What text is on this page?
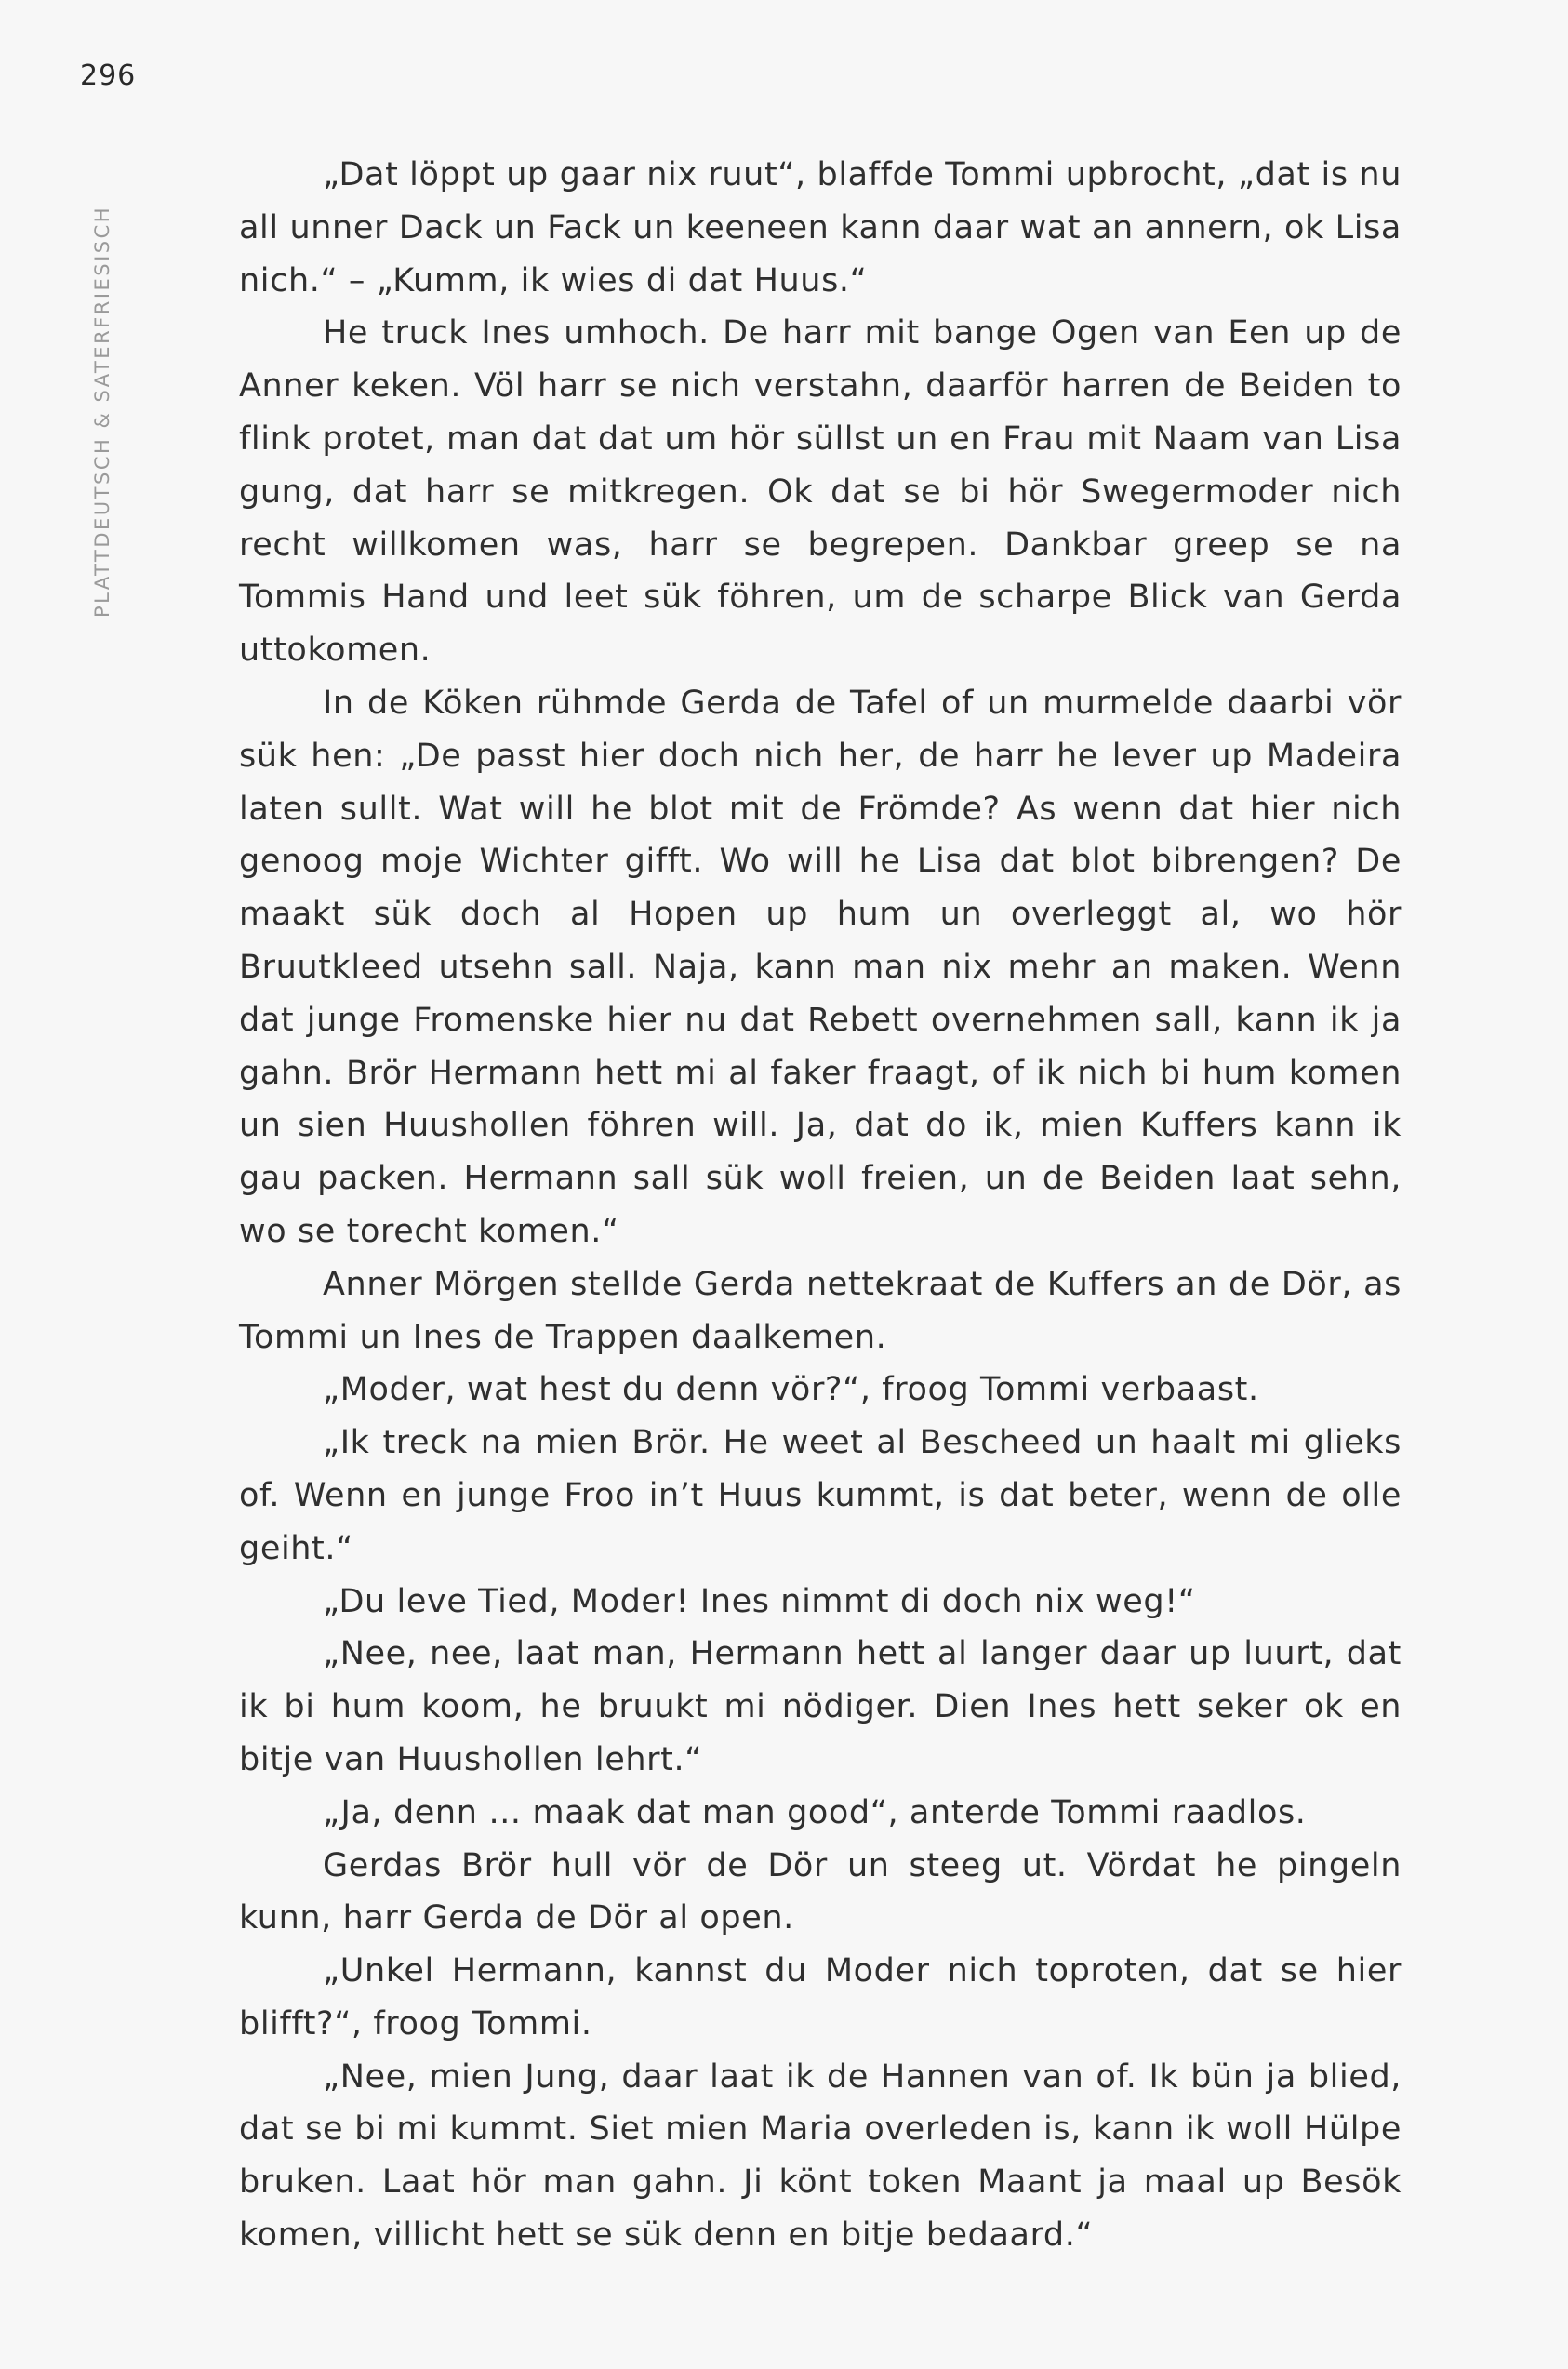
296
PLATTDEUTSCH & SATERFRIESISCH

„Dat löppt up gaar nix ruut“, blaffde Tommi upbrocht, „dat is nu all unner Dack un Fack un keeneen kann daar wat an annern, ok Lisa nich.“ – „Kumm, ik wies di dat Huus.“

He truck Ines umhoch. De harr mit bange Ogen van Een up de Anner keken. Völ harr se nich verstahn, daarför harren de Beiden to flink protet, man dat dat um hör süllst un en Frau mit Naam van Lisa gung, dat harr se mitkregen. Ok dat se bi hör Swegermoder nich recht willkomen was, harr se begrepen. Dankbar greep se na Tommis Hand und leet sük föhren, um de scharpe Blick van Gerda uttokomen.

In de Köken rühmde Gerda de Tafel of un murmelde daarbi vör sük hen: „De passt hier doch nich her, de harr he lever up Madeira laten sullt. Wat will he blot mit de Frömde? As wenn dat hier nich genoog moje Wichter gifft. Wo will he Lisa dat blot bibrengen? De maakt sük doch al Hopen up hum un overleggt al, wo hör Bruutkleed utsehn sall. Naja, kann man nix mehr an maken. Wenn dat junge Fromenske hier nu dat Rebett overnehmen sall, kann ik ja gahn. Brör Hermann hett mi al faker fraagt, of ik nich bi hum komen un sien Huushollen föhren will. Ja, dat do ik, mien Kuffers kann ik gau packen. Hermann sall sük woll freien, un de Beiden laat sehn, wo se torecht komen.“

Anner Mörgen stellde Gerda nettekraat de Kuffers an de Dör, as Tommi un Ines de Trappen daalkemen.

„Moder, wat hest du denn vör?“, froog Tommi verbaast.

„Ik treck na mien Brör. He weet al Bescheed un haalt mi glieks of. Wenn en junge Froo in’t Huus kummt, is dat beter, wenn de olle geiht.“

„Du leve Tied, Moder! Ines nimmt di doch nix weg!“

„Nee, nee, laat man, Hermann hett al langer daar up luurt, dat ik bi hum koom, he bruukt mi nödiger. Dien Ines hett seker ok en bitje van Huushollen lehrt.“

„Ja, denn … maak dat man good“, anterde Tommi raadlos.

Gerdas Brör hull vör de Dör un steeg ut. Vördat he pingeln kunn, harr Gerda de Dör al open.

„Unkel Hermann, kannst du Moder nich toproten, dat se hier blifft?“, froog Tommi.

„Nee, mien Jung, daar laat ik de Hannen van of. Ik bün ja blied, dat se bi mi kummt. Siet mien Maria overleden is, kann ik woll Hülpe bruken. Laat hör man gahn. Ji könt token Maant ja maal up Besök komen, villicht hett se sük denn en bitje bedaard.“
